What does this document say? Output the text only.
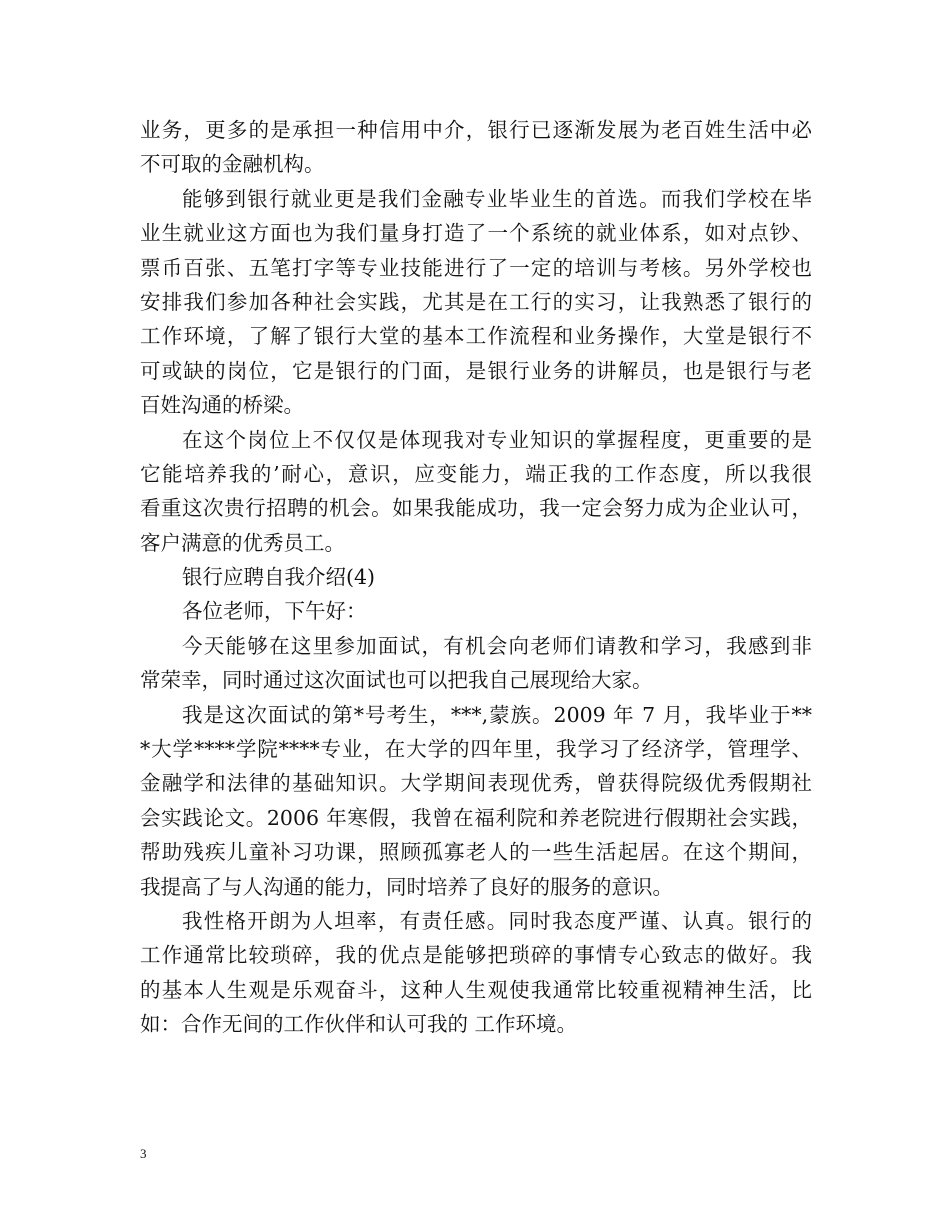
业务，更多的是承担一种信用中介，银行已逐渐发展为老百姓生活中必
不可取的金融机构。
能够到银行就业更是我们金融专业毕业生的首选。而我们学校在毕
业生就业这方面也为我们量身打造了一个系统的就业体系，如对点钞、
票币百张、五笔打字等专业技能进行了一定的培训与考核。另外学校也
安排我们参加各种社会实践，尤其是在工行的实习，让我熟悉了银行的
工作环境，了解了银行大堂的基本工作流程和业务操作，大堂是银行不
可或缺的岗位，它是银行的门面，是银行业务的讲解员，也是银行与老
百姓沟通的桥梁。
在这个岗位上不仅仅是体现我对专业知识的掌握程度，更重要的是
它能培养我的’耐心，意识，应变能力，端正我的工作态度，所以我很
看重这次贵行招聘的机会。如果我能成功，我一定会努力成为企业认可，
客户满意的优秀员工。
银行应聘自我介绍(4)
各位老师，下午好：
今天能够在这里参加面试，有机会向老师们请教和学习，我感到非
常荣幸，同时通过这次面试也可以把我自己展现给大家。
我是这次面试的第*号考生，***,蒙族。2009 年 7 月，我毕业于**
*大学****学院****专业，在大学的四年里，我学习了经济学，管理学、
金融学和法律的基础知识。大学期间表现优秀，曾获得院级优秀假期社
会实践论文。2006 年寒假，我曾在福利院和养老院进行假期社会实践，
帮助残疾儿童补习功课，照顾孤寡老人的一些生活起居。在这个期间，
我提高了与人沟通的能力，同时培养了良好的服务的意识。
我性格开朗为人坦率，有责任感。同时我态度严谨、认真。银行的
工作通常比较琐碎，我的优点是能够把琐碎的事情专心致志的做好。我
的基本人生观是乐观奋斗，这种人生观使我通常比较重视精神生活，比
如：合作无间的工作伙伴和认可我的 工作环境。
3
